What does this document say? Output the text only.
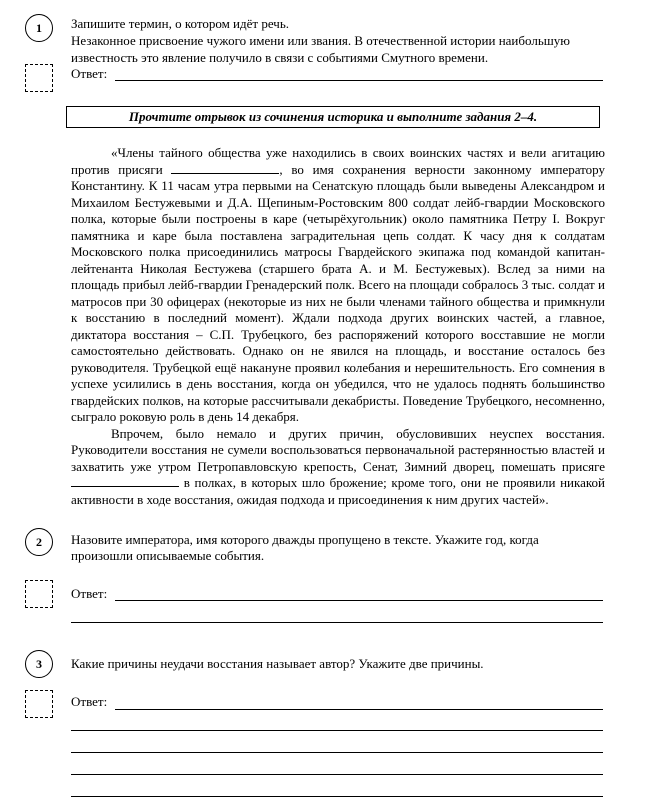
1 Запишите термин, о котором идёт речь.
Незаконное присвоение чужого имени или звания. В отечественной истории наибольшую
известность это явление получило в связи с событиями Смутного времени.
Ответ:
Прочтите отрывок из сочинения историка и выполните задания 2–4.

«Члены тайного общества уже находились в своих воинских частях и вели агитацию против присяги	, во имя сохранения верности законному императору Константину. К 11 часам утра первыми на Сенатскую площадь были выведены Александром и Михаилом Бестужевыми и Д.А. Щепиным-Ростовским 800 солдат лейб-гвардии Московского полка, которые были построены в каре (четырёхугольник) около памятника Петру I. Вокруг памятника и каре была поставлена заградительная цепь солдат. К часу дня к солдатам Московского полка присоединились матросы Гвардейского экипажа под командой капитан-лейтенанта Николая Бестужева (старшего брата А. и М. Бестужевых). Вслед за ними на площадь прибыл лейб-гвардии Гренадерский полк. Всего на площади собралось 3 тыс. солдат и матросов при 30 офицерах (некоторые из них не были членами тайного общества и примкнули к восстанию в последний момент). Ждали подхода других воинских частей, а главное, диктатора восстания – С.П. Трубецкого, без распоряжений которого восставшие не могли самостоятельно действовать. Однако он не явился на площадь, и восстание осталось без руководителя. Трубецкой ещё накануне проявил колебания и нерешительность. Его сомнения в успехе усилились в день восстания, когда он убедился, что не удалось поднять большинство гвардейских полков, на которые рассчитывали декабристы. Поведение Трубецкого, несомненно, сыграло роковую роль в день 14 декабря.

Впрочем, было немало и других причин, обусловивших неуспех восстания. Руководители восстания не сумели воспользоваться первоначальной растерянностью властей и захватить уже утром Петропавловскую крепость, Сенат, Зимний дворец, помешать присяге  в полках, в которых шло брожение; кроме того, они не проявили никакой активности в ходе восстания, ожидая подхода и присоединения к ним других частей».

2 Назовите императора, имя которого дважды пропущено в тексте. Укажите год, когда
произошли описываемые события.
Ответ:
3 Какие причины неудачи восстания называет автор? Укажите две причины.
Ответ:
